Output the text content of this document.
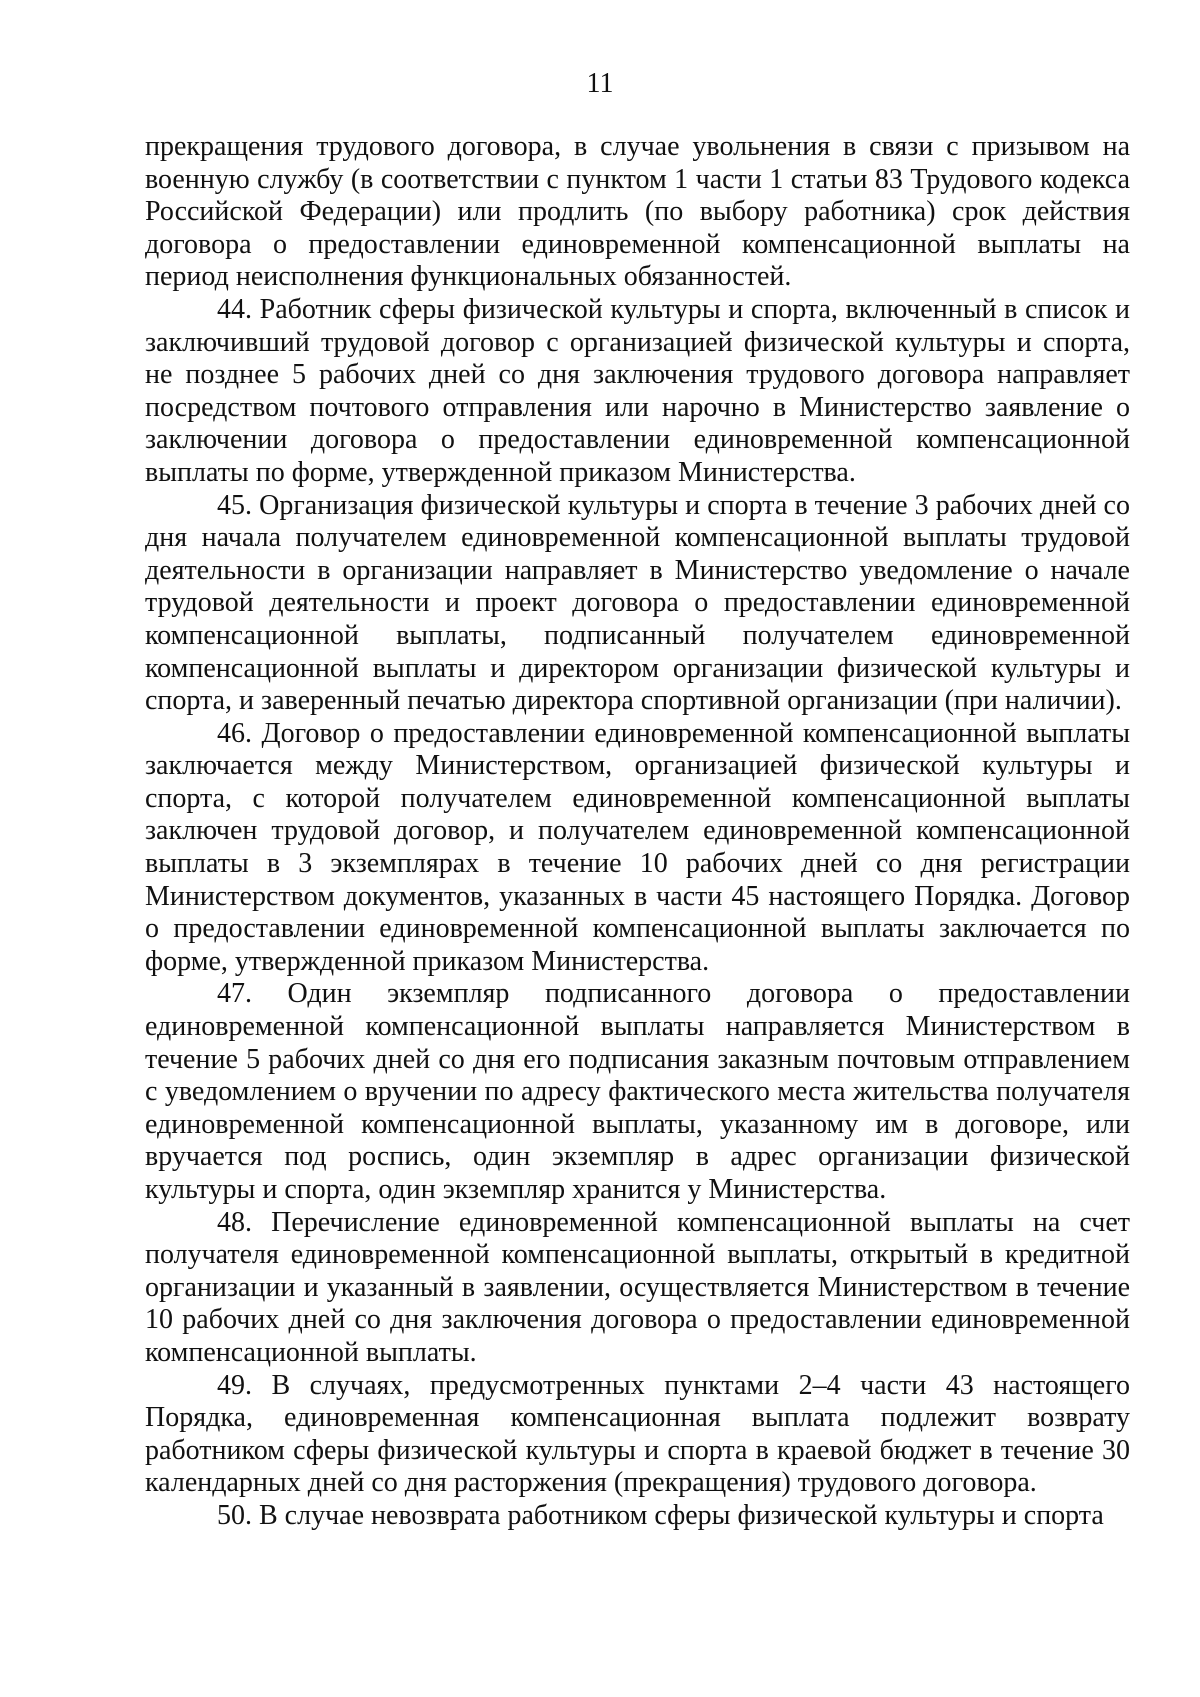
11

прекращения трудового договора, в случае увольнения в связи с призывом на военную службу (в соответствии с пунктом 1 части 1 статьи 83 Трудового кодекса Российской Федерации) или продлить (по выбору работника) срок действия договора о предоставлении единовременной компенсационной выплаты на период неисполнения функциональных обязанностей.

44. Работник сферы физической культуры и спорта, включенный в список и заключивший трудовой договор с организацией физической культуры и спорта, не позднее 5 рабочих дней со дня заключения трудового договора направляет посредством почтового отправления или нарочно в Министерство заявление о заключении договора о предоставлении единовременной компенсационной выплаты по форме, утвержденной приказом Министерства.

45. Организация физической культуры и спорта в течение 3 рабочих дней со дня начала получателем единовременной компенсационной выплаты трудовой деятельности в организации направляет в Министерство уведомление о начале трудовой деятельности и проект договора о предоставлении единовременной компенсационной выплаты, подписанный получателем единовременной компенсационной выплаты и директором организации физической культуры и спорта, и заверенный печатью директора спортивной организации (при наличии).

46. Договор о предоставлении единовременной компенсационной выплаты заключается между Министерством, организацией физической культуры и спорта, с которой получателем единовременной компенсационной выплаты заключен трудовой договор, и получателем единовременной компенсационной выплаты в 3 экземплярах в течение 10 рабочих дней со дня регистрации Министерством документов, указанных в части 45 настоящего Порядка. Договор о предоставлении единовременной компенсационной выплаты заключается по форме, утвержденной приказом Министерства.

47. Один экземпляр подписанного договора о предоставлении единовременной компенсационной выплаты направляется Министерством в течение 5 рабочих дней со дня его подписания заказным почтовым отправлением с уведомлением о вручении по адресу фактического места жительства получателя единовременной компенсационной выплаты, указанному им в договоре, или вручается под роспись, один экземпляр в адрес организации физической культуры и спорта, один экземпляр хранится у Министерства.

48. Перечисление единовременной компенсационной выплаты на счет получателя единовременной компенсационной выплаты, открытый в кредитной организации и указанный в заявлении, осуществляется Министерством в течение 10 рабочих дней со дня заключения договора о предоставлении единовременной компенсационной выплаты.

49. В случаях, предусмотренных пунктами 2–4 части 43 настоящего Порядка, единовременная компенсационная выплата подлежит возврату работником сферы физической культуры и спорта в краевой бюджет в течение 30 календарных дней со дня расторжения (прекращения) трудового договора.

50. В случае невозврата работником сферы физической культуры и спорта
